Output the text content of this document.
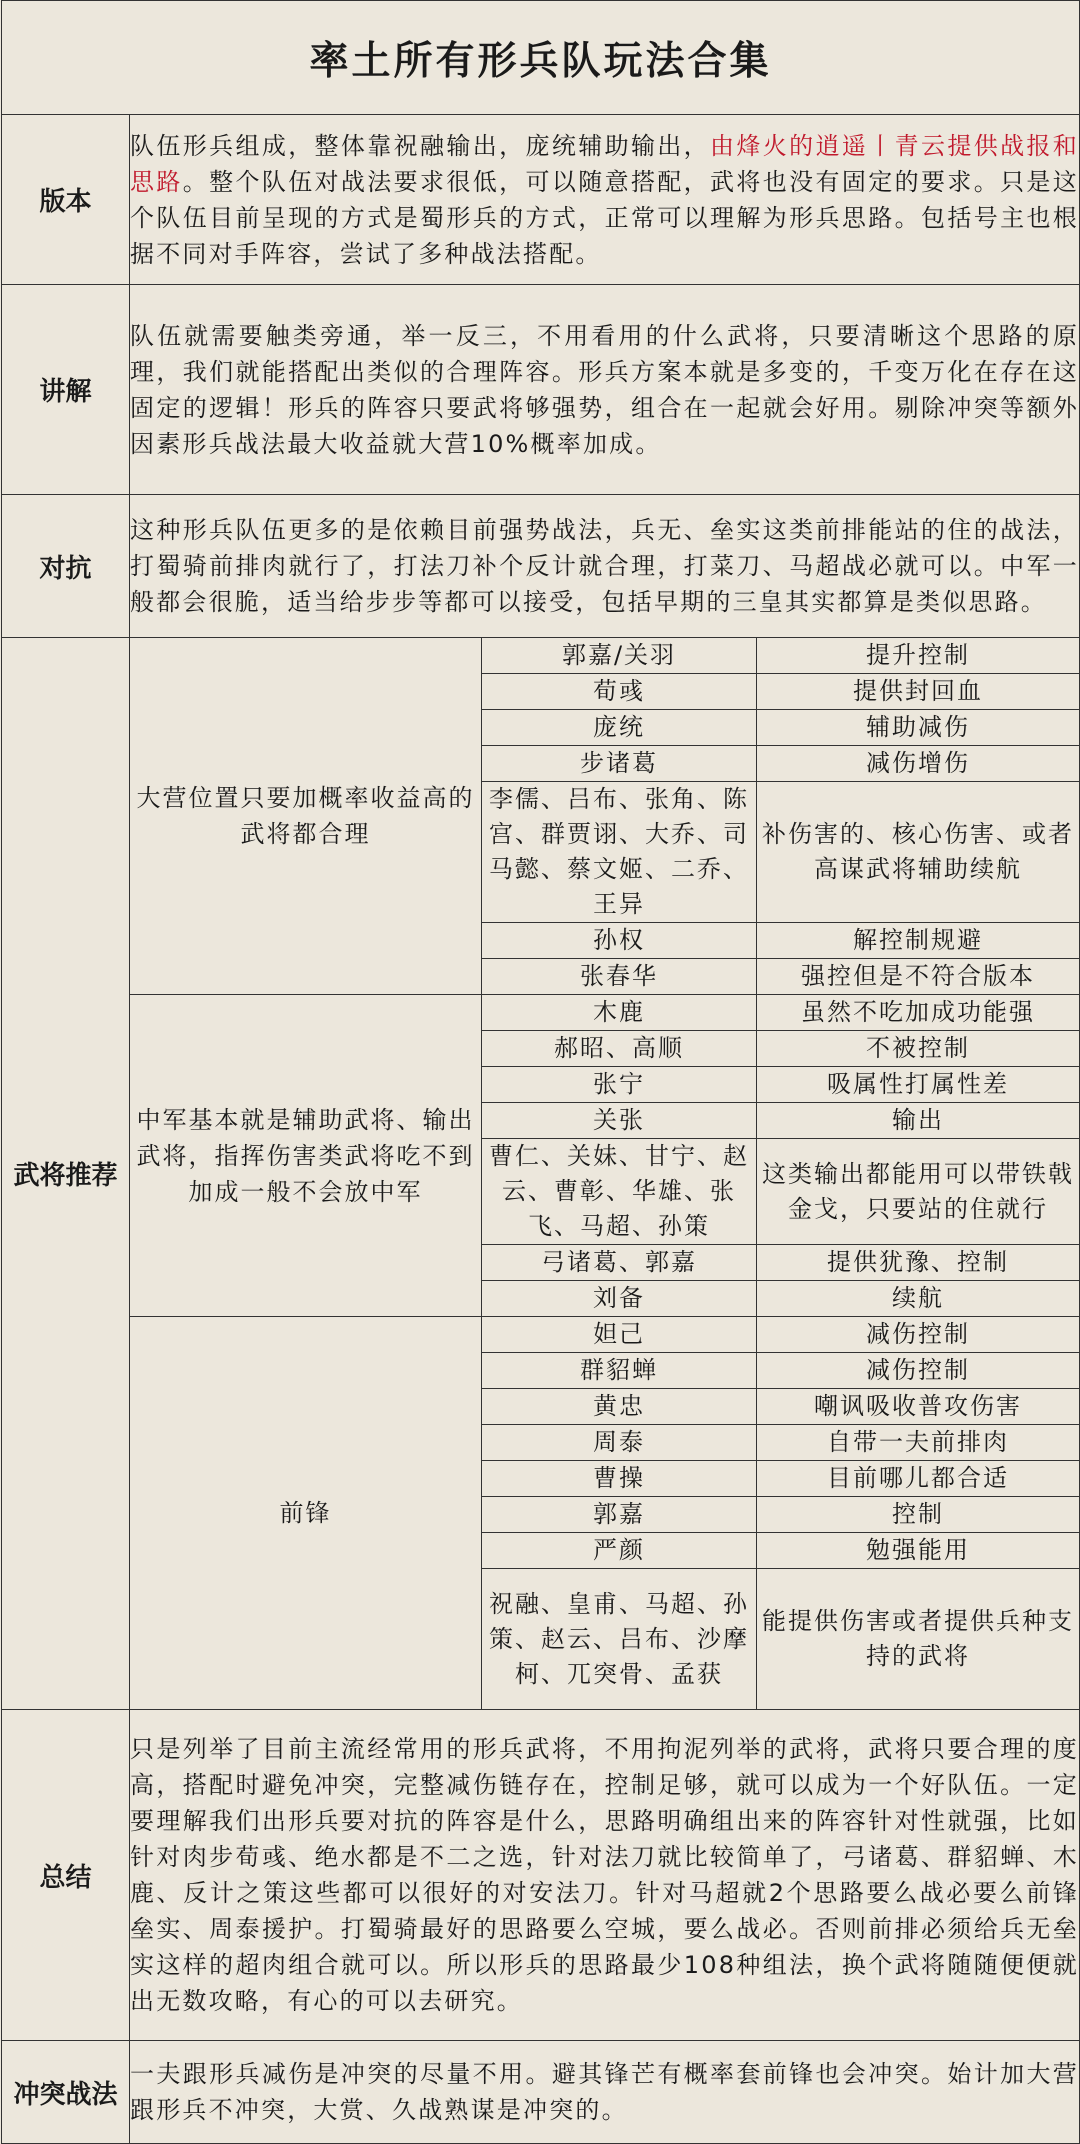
率土所有形兵队玩法合集			
版本	队伍形兵组成，整体靠祝融输出，庞统辅助输出，由烽火的逍遥丨青云提供战报和思路。整个队伍对战法要求很低，可以随意搭配，武将也没有固定的要求。只是这个队伍目前呈现的方式是蜀形兵的方式，正常可以理解为形兵思路。包括号主也根据不同对手阵容，尝试了多种战法搭配。		
讲解	队伍就需要触类旁通，举一反三，不用看用的什么武将，只要清晰这个思路的原理，我们就能搭配出类似的合理阵容。形兵方案本就是多变的，千变万化在存在这固定的逻辑！形兵的阵容只要武将够强势，组合在一起就会好用。剔除冲突等额外因素形兵战法最大收益就大营10%概率加成。		
对抗	这种形兵队伍更多的是依赖目前强势战法，兵无、垒实这类前排能站的住的战法，打蜀骑前排肉就行了，打法刀补个反计就合理，打菜刀、马超战必就可以。中军一般都会很脆，适当给步步等都可以接受，包括早期的三皇其实都算是类似思路。		
武将推荐	大营位置只要加概率收益高的武将都合理	郭嘉/关羽	提升控制
		荀彧	提供封回血
		庞统	辅助减伤
		步诸葛	减伤增伤
		李儒、吕布、张角、陈宫、群贾诩、大乔、司马懿、蔡文姬、二乔、王异	补伤害的、核心伤害、或者高谋武将辅助续航
		孙权	解控制规避
		张春华	强控但是不符合版本
	中军基本就是辅助武将、输出武将，指挥伤害类武将吃不到加成一般不会放中军	木鹿	虽然不吃加成功能强
		郝昭、高顺	不被控制
		张宁	吸属性打属性差
		关张	输出
		曹仁、关妹、甘宁、赵云、曹彰、华雄、张飞、马超、孙策	这类输出都能用可以带铁戟金戈，只要站的住就行
		弓诸葛、郭嘉	提供犹豫、控制
		刘备	续航
	前锋	妲己	减伤控制
		群貂蝉	减伤控制
		黄忠	嘲讽吸收普攻伤害
		周泰	自带一夫前排肉
		曹操	目前哪儿都合适
		郭嘉	控制
		严颜	勉强能用
		祝融、皇甫、马超、孙策、赵云、吕布、沙摩柯、兀突骨、孟获	能提供伤害或者提供兵种支持的武将
总结	只是列举了目前主流经常用的形兵武将，不用拘泥列举的武将，武将只要合理的度高，搭配时避免冲突，完整减伤链存在，控制足够，就可以成为一个好队伍。一定要理解我们出形兵要对抗的阵容是什么，思路明确组出来的阵容针对性就强，比如针对肉步荀彧、绝水都是不二之选，针对法刀就比较简单了，弓诸葛、群貂蝉、木鹿、反计之策这些都可以很好的对安法刀。针对马超就2个思路要么战必要么前锋垒实、周泰援护。打蜀骑最好的思路要么空城，要么战必。否则前排必须给兵无垒实这样的超肉组合就可以。所以形兵的思路最少108种组法，换个武将随随便便就出无数攻略，有心的可以去研究。		
冲突战法	一夫跟形兵减伤是冲突的尽量不用。避其锋芒有概率套前锋也会冲突。始计加大营跟形兵不冲突，大赏、久战熟谋是冲突的。		
